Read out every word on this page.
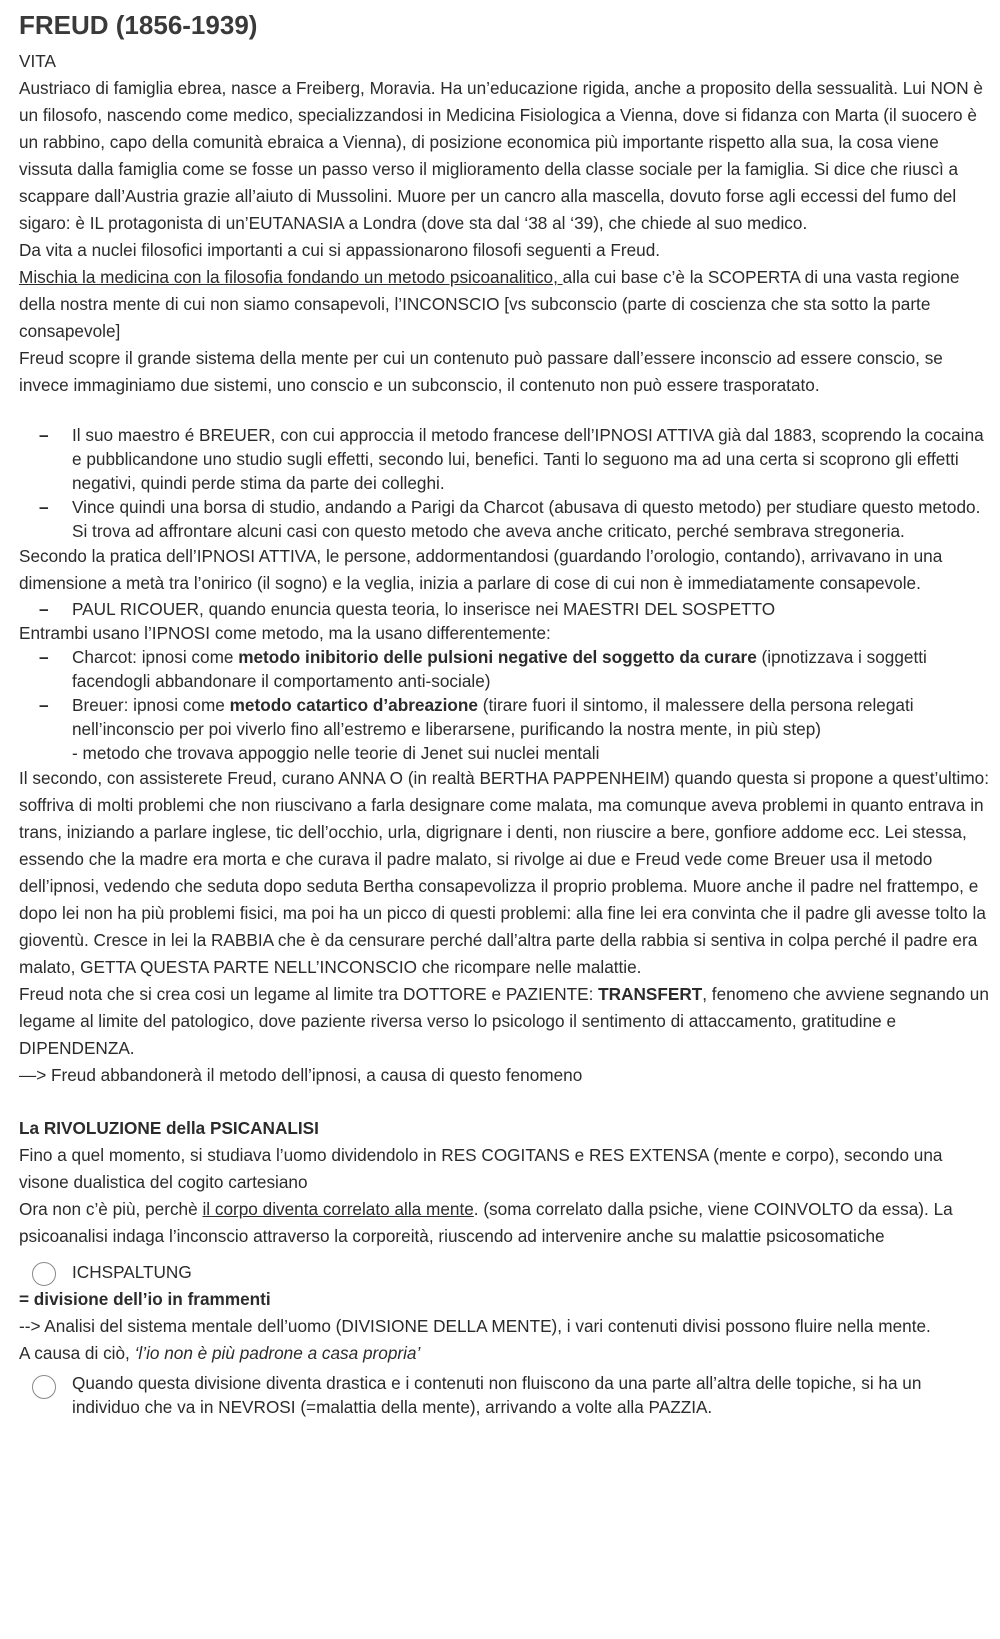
FREUD (1856-1939)

VITA

Austriaco di famiglia ebrea, nasce a Freiberg, Moravia. Ha un’educazione rigida, anche a proposito della sessualità. Lui NON è un filosofo, nascendo come medico, specializzandosi in Medicina Fisiologica a Vienna, dove si fidanza con Marta (il suocero è un rabbino, capo della comunità ebraica a Vienna), di posizione economica più importante rispetto alla sua, la cosa viene vissuta dalla famiglia come se fosse un passo verso il miglioramento della classe sociale per la famiglia. Si dice che riuscì a scappare dall’Austria grazie all’aiuto di Mussolini. Muore per un cancro alla mascella, dovuto forse agli eccessi del fumo del sigaro: è IL protagonista di un’EUTANASIA a Londra (dove sta dal ‘38 al ‘39), che chiede al suo medico.

Da vita a nuclei filosofici importanti a cui si appassionarono filosofi seguenti a Freud.

Mischia la medicina con la filosofia fondando un metodo psicoanalitico, alla cui base c’è la SCOPERTA di una vasta regione della nostra mente di cui non siamo consapevoli, l’INCONSCIO [vs subconscio (parte di coscienza che sta sotto la parte consapevole]

Freud scopre il grande sistema della mente per cui un contenuto può passare dall’essere inconscio ad essere conscio, se invece immaginiamo due sistemi, uno conscio e un subconscio, il contenuto non può essere trasporatato.

– Il suo maestro é BREUER, con cui approccia il metodo francese dell’IPNOSI ATTIVA già dal 1883, scoprendo la cocaina e pubblicandone uno studio sugli effetti, secondo lui, benefici. Tanti lo seguono ma ad una certa si scoprono gli effetti negativi, quindi perde stima da parte dei colleghi.
– Vince quindi una borsa di studio, andando a Parigi da Charcot (abusava di questo metodo) per studiare questo metodo. Si trova ad affrontare alcuni casi con questo metodo che aveva anche criticato, perché sembrava stregoneria.

Secondo la pratica dell’IPNOSI ATTIVA, le persone, addormentandosi (guardando l’orologio, contando), arrivavano in una dimensione a metà tra l’onirico (il sogno) e la veglia, inizia a parlare di cose di cui non è immediatamente consapevole.

– PAUL RICOUER, quando enuncia questa teoria, lo inserisce nei MAESTRI DEL SOSPETTO

Entrambi usano l’IPNOSI come metodo, ma la usano differentemente:

– Charcot: ipnosi come metodo inibitorio delle pulsioni negative del soggetto da curare (ipnotizzava i soggetti facendogli abbandonare il comportamento anti-sociale)
– Breuer: ipnosi come metodo catartico d’abreazione (tirare fuori il sintomo, il malessere della persona relegati nell’inconscio per poi viverlo fino all’estremo e liberarsene, purificando la nostra mente, in più step)
- metodo che trovava appoggio nelle teorie di Jenet sui nuclei mentali

Il secondo, con assisterete Freud, curano ANNA O (in realtà BERTHA PAPPENHEIM) quando questa si propone a quest’ultimo: soffriva di molti problemi che non riuscivano a farla designare come malata, ma comunque aveva problemi in quanto entrava in trans, iniziando a parlare inglese, tic dell’occhio, urla, digrignare i denti, non riuscire a bere, gonfiore addome ecc. Lei stessa, essendo che la madre era morta e che curava il padre malato, si rivolge ai due e Freud vede come Breuer usa il metodo dell’ipnosi, vedendo che seduta dopo seduta Bertha consapevolizza il proprio problema. Muore anche il padre nel frattempo, e dopo lei non ha più problemi fisici, ma poi ha un picco di questi problemi: alla fine lei era convinta che il padre gli avesse tolto la gioventù. Cresce in lei la RABBIA che è da censurare perché dall’altra parte della rabbia si sentiva in colpa perché il padre era malato, GETTA QUESTA PARTE NELL’INCONSCIO che ricompare nelle malattie.

Freud nota che si crea cosi un legame al limite tra DOTTORE e PAZIENTE: TRANSFERT, fenomeno che avviene segnando un legame al limite del patologico, dove paziente riversa verso lo psicologo il sentimento di attaccamento, gratitudine e DIPENDENZA.

—> Freud abbandonerà il metodo dell’ipnosi, a causa di questo fenomeno

La RIVOLUZIONE della PSICANALISI

Fino a quel momento, si studiava l’uomo dividendolo in RES COGITANS e RES EXTENSA (mente e corpo), secondo una visone dualistica del cogito cartesiano

Ora non c’è più, perchè il corpo diventa correlato alla mente. (soma correlato dalla psiche, viene COINVOLTO da essa). La psicoanalisi indaga l’inconscio attraverso la corporeità, riuscendo ad intervenire anche su malattie psicosomatiche

ICHSPALTUNG

= divisione dell’io in frammenti

--> Analisi del sistema mentale dell’uomo (DIVISIONE DELLA MENTE), i vari contenuti divisi possono fluire nella mente.

A causa di ciò, ‘l’io non è più padrone a casa propria’

Quando questa divisione diventa drastica e i contenuti non fluiscono da una parte all’altra delle topiche, si ha un individuo che va in NEVROSI (=malattia della mente), arrivando a volte alla PAZZIA.
